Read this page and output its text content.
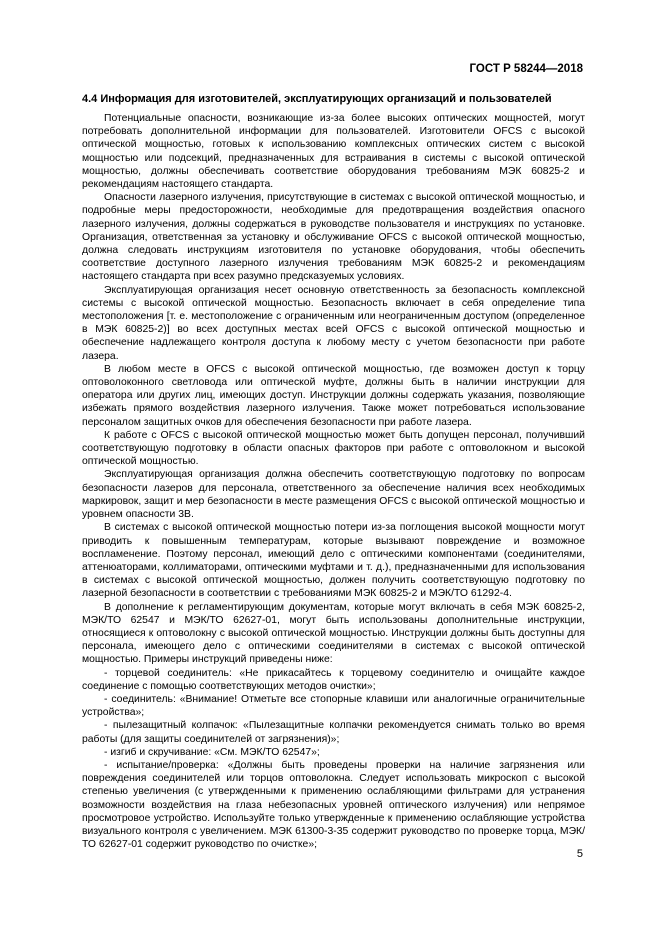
ГОСТ Р 58244—2018
4.4 Информация для изготовителей, эксплуатирующих организаций и пользователей

Потенциальные опасности, возникающие из-за более высоких оптических мощностей, могут потребовать дополнительной информации для пользователей. Изготовители OFCS с высокой оптической мощностью, готовых к использованию комплексных оптических систем с высокой мощностью или подсекций, предназначенных для встраивания в системы с высокой оптической мощностью, должны обеспечивать соответствие оборудования требованиям МЭК 60825-2 и рекомендациям настоящего стандарта.

Опасности лазерного излучения, присутствующие в системах с высокой оптической мощностью, и подробные меры предосторожности, необходимые для предотвращения воздействия опасного лазерного излучения, должны содержаться в руководстве пользователя и инструкциях по установке. Организация, ответственная за установку и обслуживание OFCS с высокой оптической мощностью, должна следовать инструкциям изготовителя по установке оборудования, чтобы обеспечить соответствие доступного лазерного излучения требованиям МЭК 60825-2 и рекомендациям настоящего стандарта при всех разумно предсказуемых условиях.

Эксплуатирующая организация несет основную ответственность за безопасность комплексной системы с высокой оптической мощностью. Безопасность включает в себя определение типа местоположения [т. е. местоположение с ограниченным или неограниченным доступом (определенное в МЭК 60825-2)] во всех доступных местах всей OFCS с высокой оптической мощностью и обеспечение надлежащего контроля доступа к любому месту с учетом безопасности при работе лазера.

В любом месте в OFCS с высокой оптической мощностью, где возможен доступ к торцу оптоволоконного светловода или оптической муфте, должны быть в наличии инструкции для оператора или других лиц, имеющих доступ. Инструкции должны содержать указания, позволяющие избежать прямого воздействия лазерного излучения. Также может потребоваться использование персоналом защитных очков для обеспечения безопасности при работе лазера.

К работе с OFCS с высокой оптической мощностью может быть допущен персонал, получивший соответствующую подготовку в области опасных факторов при работе с оптоволокном и высокой оптической мощностью.

Эксплуатирующая организация должна обеспечить соответствующую подготовку по вопросам безопасности лазеров для персонала, ответственного за обеспечение наличия всех необходимых маркировок, защит и мер безопасности в месте размещения OFCS с высокой оптической мощностью и уровнем опасности 3В.

В системах с высокой оптической мощностью потери из-за поглощения высокой мощности могут приводить к повышенным температурам, которые вызывают повреждение и возможное воспламенение. Поэтому персонал, имеющий дело с оптическими компонентами (соединителями, аттенюаторами, коллиматорами, оптическими муфтами и т. д.), предназначенными для использования в системах с высокой оптической мощностью, должен получить соответствующую подготовку по лазерной безопасности в соответствии с требованиями МЭК 60825-2 и МЭК/ТО 61292-4.

В дополнение к регламентирующим документам, которые могут включать в себя МЭК 60825-2, МЭК/ТО 62547 и МЭК/ТО 62627-01, могут быть использованы дополнительные инструкции, относящиеся к оптоволокну с высокой оптической мощностью. Инструкции должны быть доступны для персонала, имеющего дело с оптическими соединителями в системах с высокой оптической мощностью. Примеры инструкций приведены ниже:

- торцевой соединитель: «Не прикасайтесь к торцевому соединителю и очищайте каждое соединение с помощью соответствующих методов очистки»;

- соединитель: «Внимание! Отметьте все стопорные клавиши или аналогичные ограничительные устройства»;

- пылезащитный колпачок: «Пылезащитные колпачки рекомендуется снимать только во время работы (для защиты соединителей от загрязнения)»;

- изгиб и скручивание: «См. МЭК/ТО 62547»;

- испытание/проверка: «Должны быть проведены проверки на наличие загрязнения или повреждения соединителей или торцов оптоволокна. Следует использовать микроскоп с высокой степенью увеличения (с утвержденными к применению ослабляющими фильтрами для устранения возможности воздействия на глаза небезопасных уровней оптического излучения) или непрямое просмотровое устройство. Используйте только утвержденные к применению ослабляющие устройства визуального контроля с увеличением. МЭК 61300-3-35 содержит руководство по проверке торца, МЭК/ТО 62627-01 содержит руководство по очистке»;

5
